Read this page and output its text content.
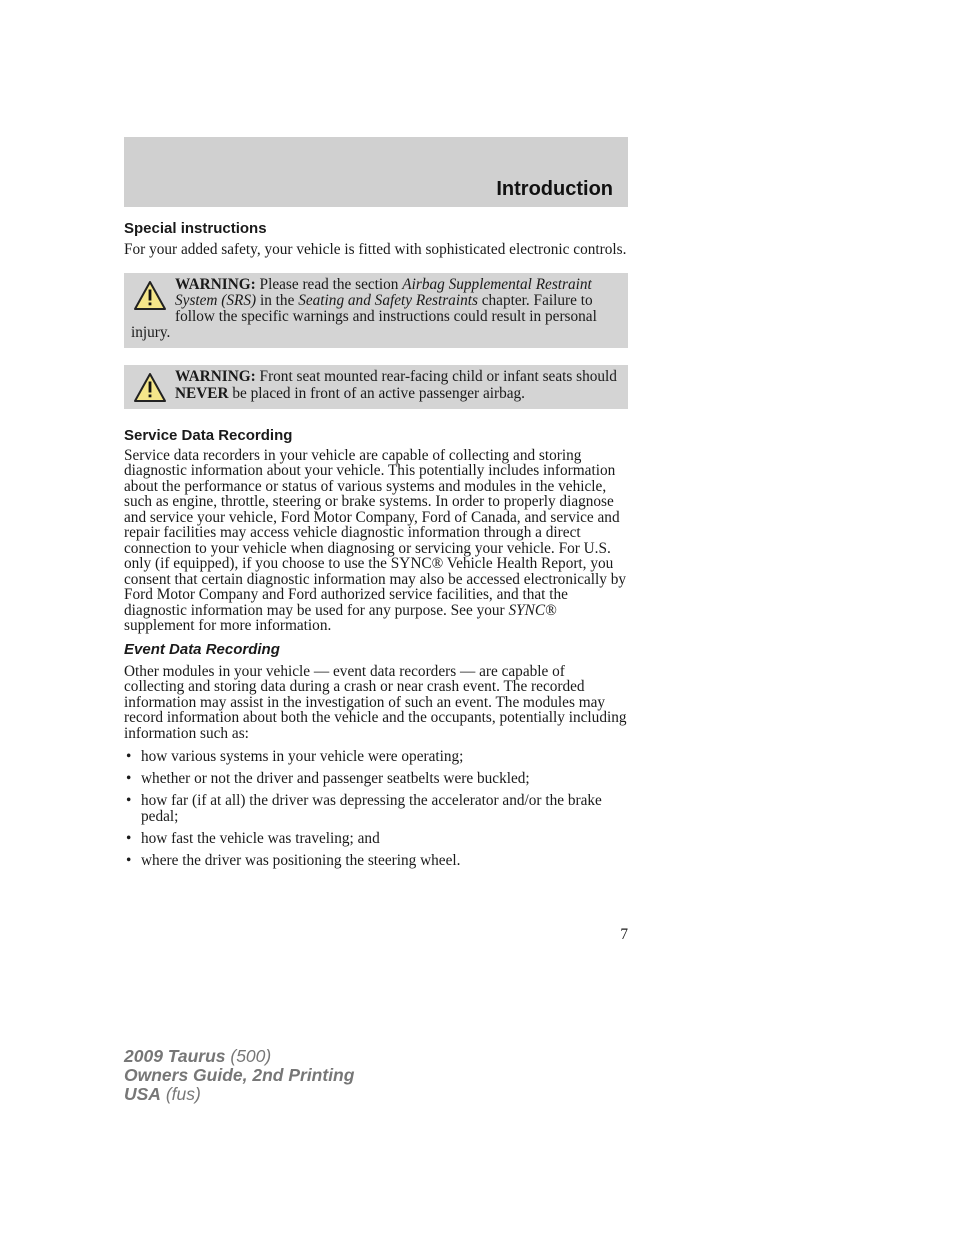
Introduction
Special instructions

For your added safety, your vehicle is fitted with sophisticated electronic controls.

WARNING: Please read the section Airbag Supplemental Restraint System (SRS) in the Seating and Safety Restraints chapter. Failure to follow the specific warnings and instructions could result in personal injury.
WARNING: Front seat mounted rear-facing child or infant seats should NEVER be placed in front of an active passenger airbag.
Service Data Recording

Service data recorders in your vehicle are capable of collecting and storing diagnostic information about your vehicle. This potentially includes information about the performance or status of various systems and modules in the vehicle, such as engine, throttle, steering or brake systems. In order to properly diagnose and service your vehicle, Ford Motor Company, Ford of Canada, and service and repair facilities may access vehicle diagnostic information through a direct connection to your vehicle when diagnosing or servicing your vehicle. For U.S. only (if equipped), if you choose to use the SYNC® Vehicle Health Report, you consent that certain diagnostic information may also be accessed electronically by Ford Motor Company and Ford authorized service facilities, and that the diagnostic information may be used for any purpose. See your SYNC® supplement for more information.

Event Data Recording

Other modules in your vehicle — event data recorders — are capable of collecting and storing data during a crash or near crash event. The recorded information may assist in the investigation of such an event. The modules may record information about both the vehicle and the occupants, potentially including information such as:

• how various systems in your vehicle were operating;
• whether or not the driver and passenger seatbelts were buckled;
• how far (if at all) the driver was depressing the accelerator and/or the brake pedal;
• how fast the vehicle was traveling; and
• where the driver was positioning the steering wheel.
7
2009 Taurus (500)
Owners Guide, 2nd Printing
USA (fus)
